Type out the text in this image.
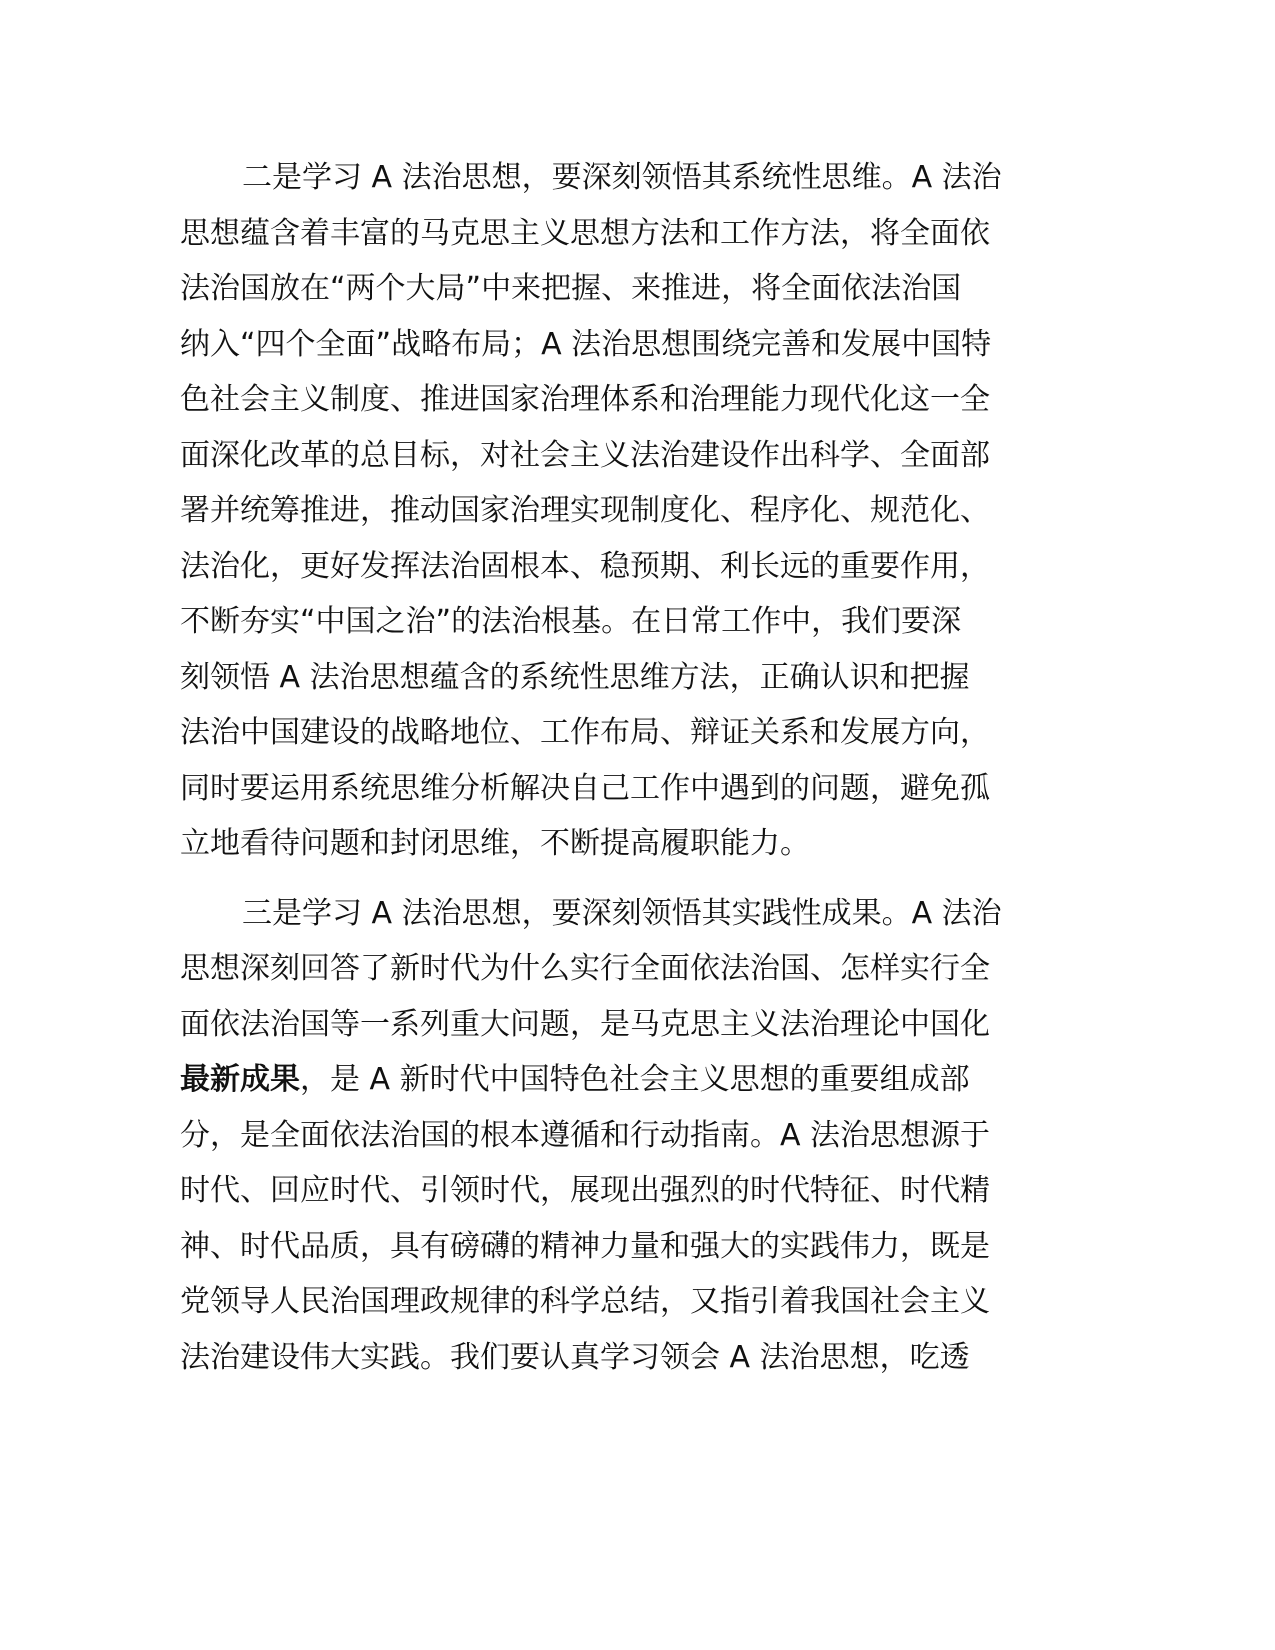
二是学习 A 法治思想，要深刻领悟其系统性思维。A 法治
思想蕴含着丰富的马克思主义思想方法和工作方法，将全面依
法治国放在“两个大局”中来把握、来推进，将全面依法治国
纳入“四个全面”战略布局；A 法治思想围绕完善和发展中国特
色社会主义制度、推进国家治理体系和治理能力现代化这一全
面深化改革的总目标，对社会主义法治建设作出科学、全面部
署并统筹推进，推动国家治理实现制度化、程序化、规范化、
法治化，更好发挥法治固根本、稳预期、利长远的重要作用，
不断夯实“中国之治”的法治根基。在日常工作中，我们要深
刻领悟 A 法治思想蕴含的系统性思维方法，正确认识和把握
法治中国建设的战略地位、工作布局、辩证关系和发展方向，
同时要运用系统思维分析解决自己工作中遇到的问题，避免孤
立地看待问题和封闭思维，不断提高履职能力。
三是学习 A 法治思想，要深刻领悟其实践性成果。A 法治
思想深刻回答了新时代为什么实行全面依法治国、怎样实行全
面依法治国等一系列重大问题，是马克思主义法治理论中国化
最新成果，是 A 新时代中国特色社会主义思想的重要组成部
分，是全面依法治国的根本遵循和行动指南。A 法治思想源于
时代、回应时代、引领时代，展现出强烈的时代特征、时代精
神、时代品质，具有磅礴的精神力量和强大的实践伟力，既是
党领导人民治国理政规律的科学总结，又指引着我国社会主义
法治建设伟大实践。我们要认真学习领会 A 法治思想，吃透
